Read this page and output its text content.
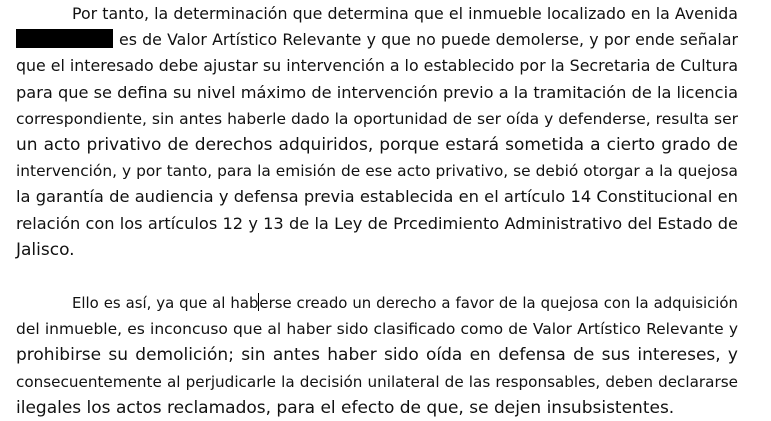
Por tanto, la determinación que determina que el inmueble localizado en la Avenida
es de Valor Artístico Relevante y que no puede demolerse, y por ende señalar
que el interesado debe ajustar su intervención a lo establecido por la Secretaria de Cultura
para que se defina su nivel máximo de intervención previo a la tramitación de la licencia
correspondiente, sin antes haberle dado la oportunidad de ser oída y defenderse, resulta ser
un acto privativo de derechos adquiridos, porque estará sometida a cierto grado de
intervención, y por tanto, para la emisión de ese acto privativo, se debió otorgar a la quejosa
la garantía de audiencia y defensa previa establecida en el artículo 14 Constitucional en
relación con los artículos 12 y 13 de la Ley de Prcedimiento Administrativo del Estado de
Jalisco.
Ello es así, ya que al haberse creado un derecho a favor de la quejosa con la adquisición
del inmueble, es inconcuso que al haber sido clasificado como de Valor Artístico Relevante y
prohibirse su demolición; sin antes haber sido oída en defensa de sus intereses, y
consecuentemente al perjudicarle la decisión unilateral de las responsables, deben declararse
ilegales los actos reclamados, para el efecto de que, se dejen insubsistentes.
